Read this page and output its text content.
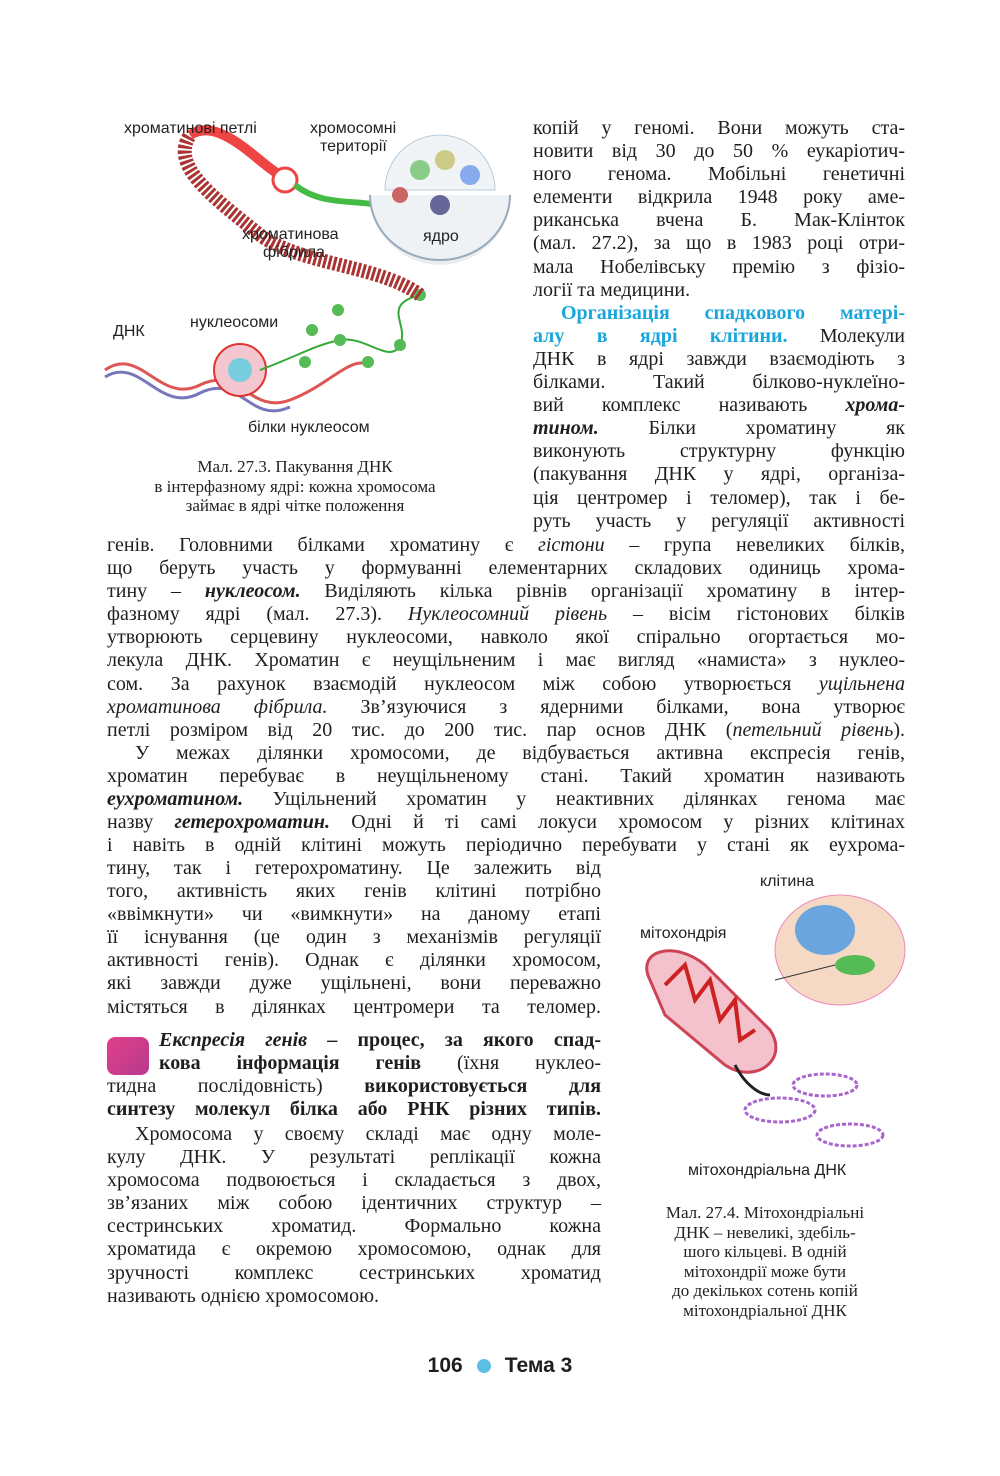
хроматинові петлі	хромосомні
території
хроматинова
фібрила
ядро
нуклеосоми
ДНК
білки нуклеосом
Мал. 27.3. Пакування ДНК
в інтерфазному ядрі: кожна хромосома
займає в ядрі чітке положення
копій у геномі. Вони можуть ста-
новити від 30 до 50 % еукаріотич-
ного генома. Мобільні генетичні
елементи відкрила 1948 року аме-
риканська вчена Б. Мак-Клінток
(мал. 27.2), за що в 1983 році отри-
мала Нобелівську премію з фізіо-
логії та медицини.
Організація спадкового матері-
алу в ядрі клітини. Молекули
ДНК в ядрі завжди взаємодіють з
білками. Такий білково-нуклеїно-
вий комплекс називають хрома-
тином. Білки хроматину як
виконують структурну функцію
(пакування ДНК у ядрі, організа-
ція центромер і теломер), так і бе-
руть участь у регуляції активності
генів. Головними білками хроматину є гістони – група невеликих білків,
що беруть участь у формуванні елементарних складових одиниць хрома-
тину – нуклеосом. Виділяють кілька рівнів організації хроматину в інтер-
фазному ядрі (мал. 27.3). Нуклеосомний рівень – вісім гістонових білків
утворюють серцевину нуклеосоми, навколо якої спірально огортається мо-
лекула ДНК. Хроматин є неущільненим і має вигляд «намиста» з нуклео-
сом. За рахунок взаємодій нуклеосом між собою утворюється ущільнена
хроматинова фібрила. Зв’язуючися з ядерними білками, вона утворює
петлі розміром від 20 тис. до 200 тис. пар основ ДНК (петельний рівень).
У межах ділянки хромосоми, де відбувається активна експресія генів,
хроматин перебуває в неущільненому стані. Такий хроматин називають
еухроматином. Ущільнений хроматин у неактивних ділянках генома має
назву гетерохроматин. Одні й ті самі локуси хромосом у різних клітинах
і навіть в одній клітині можуть періодично перебувати у стані як еухрома-
тину, так і гетерохроматину. Це залежить від
того, активність яких генів клітині потрібно
«ввімкнути» чи «вимкнути» на даному етапі
її існування (це один з механізмів регуляції
активності генів). Однак є ділянки хромосом,
які завжди дуже ущільнені, вони переважно
містяться в ділянках центромери та теломер.
Експресія генів – процес, за якого спад-
кова інформація генів (їхня нуклео-
тидна послідовність) використовується для
синтезу молекул білка або РНК різних типів.
Хромосома у своєму складі має одну моле-
кулу ДНК. У результаті реплікації кожна
хромосома подвоюється і складається з двох,
зв’язаних між собою ідентичних структур –
сестринських хроматид. Формально кожна
хроматида є окремою хромосомою, однак для
зручності комплекс сестринських хроматид
називають однією хромосомою.
клітина
мітохондрія
мітохондріальна ДНК
Мал. 27.4. Мітохондріальні
ДНК – невеликі, здебіль-
шого кільцеві. В одній
мітохондрії може бути
до декількох сотень копій
мітохондріальної ДНК
106 Тема 3
